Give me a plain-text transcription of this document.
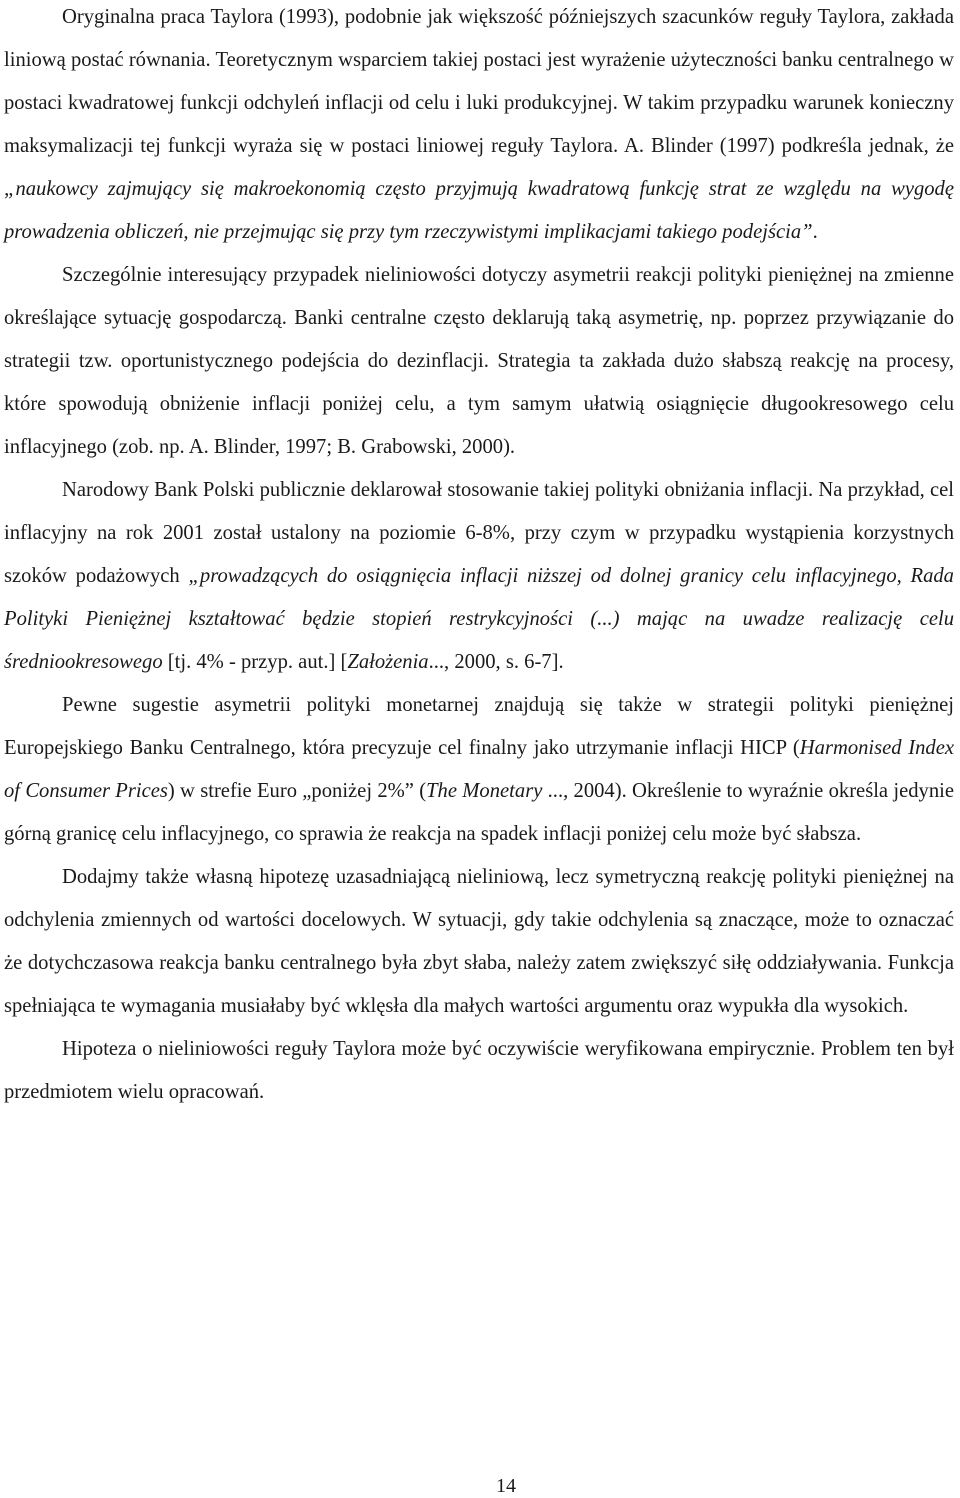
Oryginalna praca Taylora (1993), podobnie jak większość późniejszych szacunków reguły Taylora, zakłada liniową postać równania. Teoretycznym wsparciem takiej postaci jest wyrażenie użyteczności banku centralnego w postaci kwadratowej funkcji odchyleń inflacji od celu i luki produkcyjnej. W takim przypadku warunek konieczny maksymalizacji tej funkcji wyraża się w postaci liniowej reguły Taylora. A. Blinder (1997) podkreśla jednak, że „naukowcy zajmujący się makroekonomią często przyjmują kwadratową funkcję strat ze względu na wygodę prowadzenia obliczeń, nie przejmując się przy tym rzeczywistymi implikacjami takiego podejścia”.

Szczególnie interesujący przypadek nieliniowości dotyczy asymetrii reakcji polityki pieniężnej na zmienne określające sytuację gospodarczą. Banki centralne często deklarują taką asymetrię, np. poprzez przywiązanie do strategii tzw. oportunistycznego podejścia do dezinflacji. Strategia ta zakłada dużo słabszą reakcję na procesy, które spowodują obniżenie inflacji poniżej celu, a tym samym ułatwią osiągnięcie długookresowego celu inflacyjnego (zob. np. A. Blinder, 1997; B. Grabowski, 2000).

Narodowy Bank Polski publicznie deklarował stosowanie takiej polityki obniżania inflacji. Na przykład, cel inflacyjny na rok 2001 został ustalony na poziomie 6-8%, przy czym w przypadku wystąpienia korzystnych szoków podażowych „prowadzących do osiągnięcia inflacji niższej od dolnej granicy celu inflacyjnego, Rada Polityki Pieniężnej kształtować będzie stopień restrykcyjności (...) mając na uwadze realizację celu średniookresowego [tj. 4% - przyp. aut.] [Założenia..., 2000, s. 6-7].

Pewne sugestie asymetrii polityki monetarnej znajdują się także w strategii polityki pieniężnej Europejskiego Banku Centralnego, która precyzuje cel finalny jako utrzymanie inflacji HICP (Harmonised Index of Consumer Prices) w strefie Euro „poniżej 2%” (The Monetary ..., 2004). Określenie to wyraźnie określa jedynie górną granicę celu inflacyjnego, co sprawia że reakcja na spadek inflacji poniżej celu może być słabsza.

Dodajmy także własną hipotezę uzasadniającą nieliniową, lecz symetryczną reakcję polityki pieniężnej na odchylenia zmiennych od wartości docelowych. W sytuacji, gdy takie odchylenia są znaczące, może to oznaczać że dotychczasowa reakcja banku centralnego była zbyt słaba, należy zatem zwiększyć siłę oddziaływania. Funkcja spełniająca te wymagania musiałaby być wklęsła dla małych wartości argumentu oraz wypukła dla wysokich.

Hipoteza o nieliniowości reguły Taylora może być oczywiście weryfikowana empirycznie. Problem ten był przedmiotem wielu opracowań.

14
